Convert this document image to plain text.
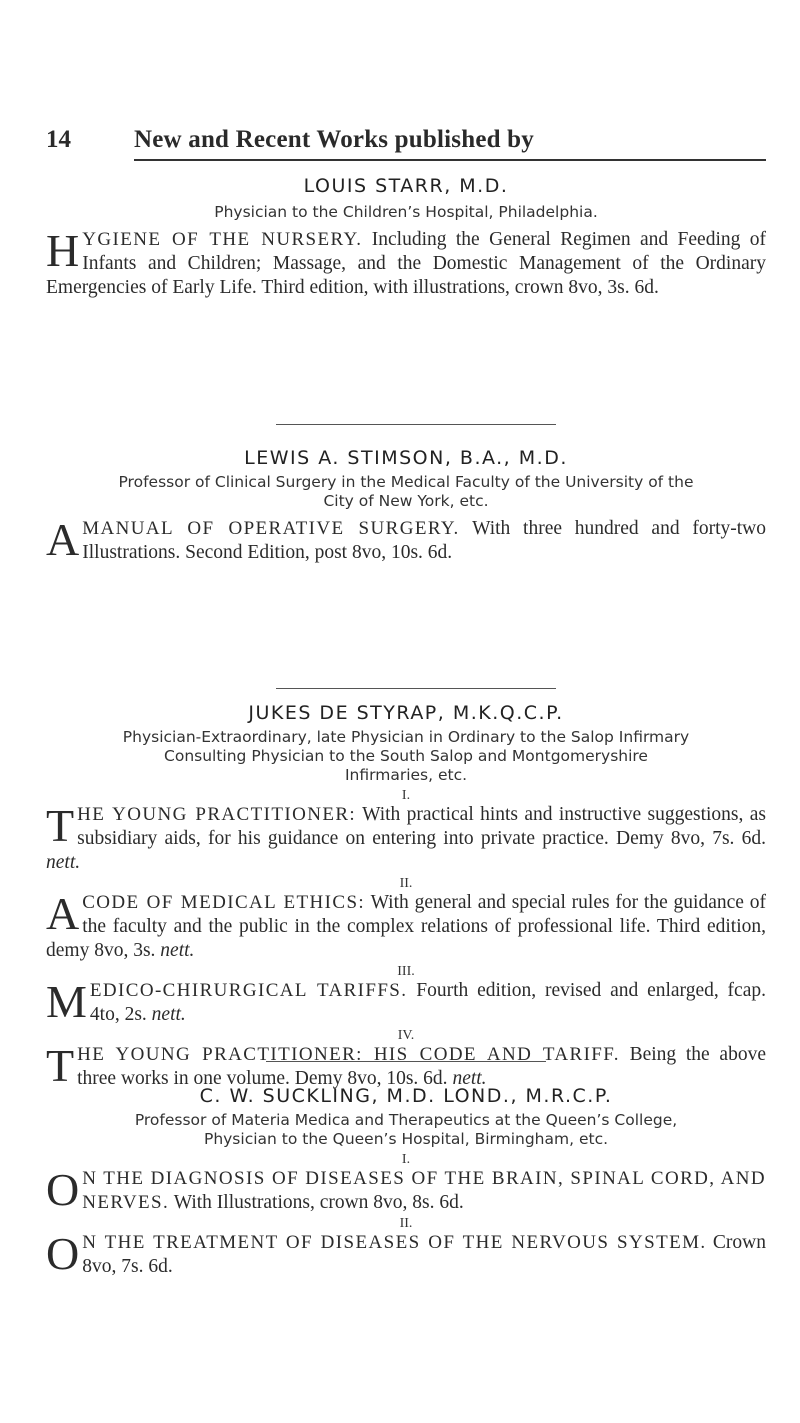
14	New and Recent Works published by
LOUIS STARR, M.D.
Physician to the Children’s Hospital, Philadelphia.

HYGIENE OF THE NURSERY. Including the General Regimen and Feeding of Infants and Children; Massage, and the Domestic Management of the Ordinary Emergencies of Early Life. Third edition, with illustrations, crown 8vo, 3s. 6d.

LEWIS A. STIMSON, B.A., M.D.
Professor of Clinical Surgery in the Medical Faculty of the University of the
City of New York, etc.

AMANUAL OF OPERATIVE SURGERY. With three hundred and forty-two Illustrations. Second Edition, post 8vo, 10s. 6d.

JUKES DE STYRAP, M.K.Q.C.P.
Physician-Extraordinary, late Physician in Ordinary to the Salop Infirmary
Consulting Physician to the South Salop and Montgomeryshire
Infirmaries, etc.
I.

THE YOUNG PRACTITIONER: With practical hints and instructive suggestions, as subsidiary aids, for his guidance on entering into private practice. Demy 8vo, 7s. 6d. nett.

II.

ACODE OF MEDICAL ETHICS: With general and special rules for the guidance of the faculty and the public in the complex relations of professional life. Third edition, demy 8vo, 3s. nett.

III.

MEDICO-CHIRURGICAL TARIFFS. Fourth edition, revised and enlarged, fcap. 4to, 2s. nett.

IV.

THE YOUNG PRACTITIONER: HIS CODE AND TARIFF. Being the above three works in one volume. Demy 8vo, 10s. 6d. nett.

C. W. SUCKLING, M.D. LOND., M.R.C.P.
Professor of Materia Medica and Therapeutics at the Queen’s College,
Physician to the Queen’s Hospital, Birmingham, etc.
I.

O N THE DIAGNOSIS OF DISEASES OF THE BRAIN, SPINAL CORD, AND NERVES. With Illustrations, crown 8vo, 8s. 6d.

II.

O N THE TREATMENT OF DISEASES OF THE NERVOUS SYSTEM. Crown 8vo, 7s. 6d.
